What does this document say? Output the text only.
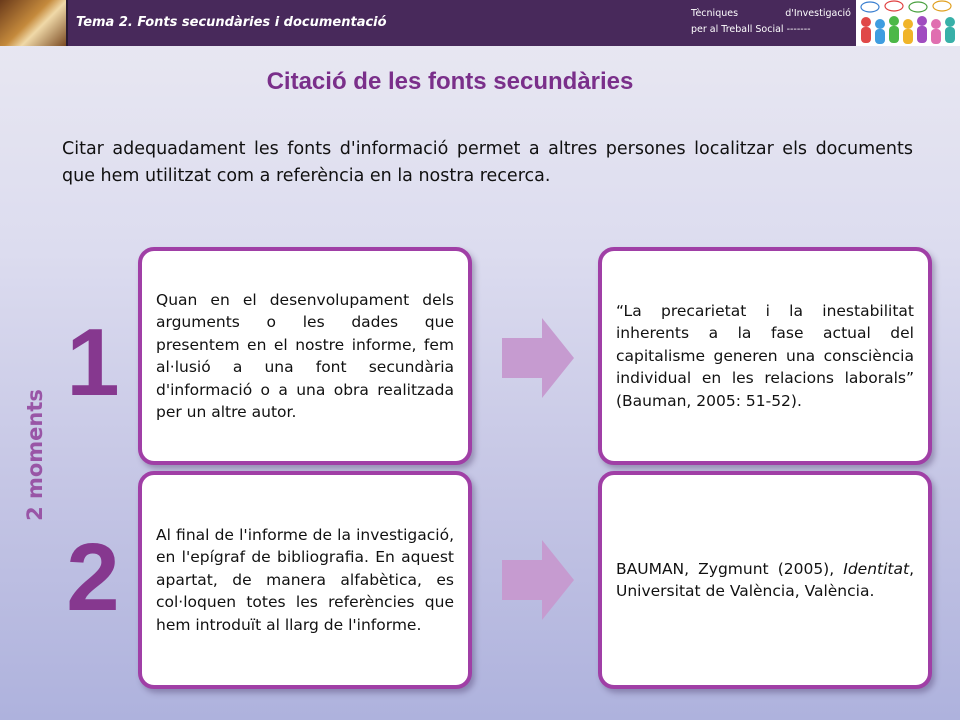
Tema 2. Fonts secundàries i documentació
Tècniques d'Investigació
per al Treball Social -------
Citació de les fonts secundàries
Citar adequadament les fonts d'informació permet a altres persones localitzar els documents que hem utilitzat com a referència en la nostra recerca.
2 moments
1
2
Quan en el desenvolupament dels arguments o les dades que presentem en el nostre informe, fem al·lusió a una font secundària d'informació o a una obra realitzada per un altre autor.
Al final de l'informe de la investigació, en l'epígraf de bibliografia. En aquest apartat, de manera alfabètica, es col·loquen totes les referències que hem introduït al llarg de l'informe.
“La precarietat i la inestabilitat inherents a la fase actual del capitalisme generen una consciència individual en les relacions laborals” (Bauman, 2005: 51-52).
BAUMAN, Zygmunt (2005), Identitat, Universitat de València, València.
